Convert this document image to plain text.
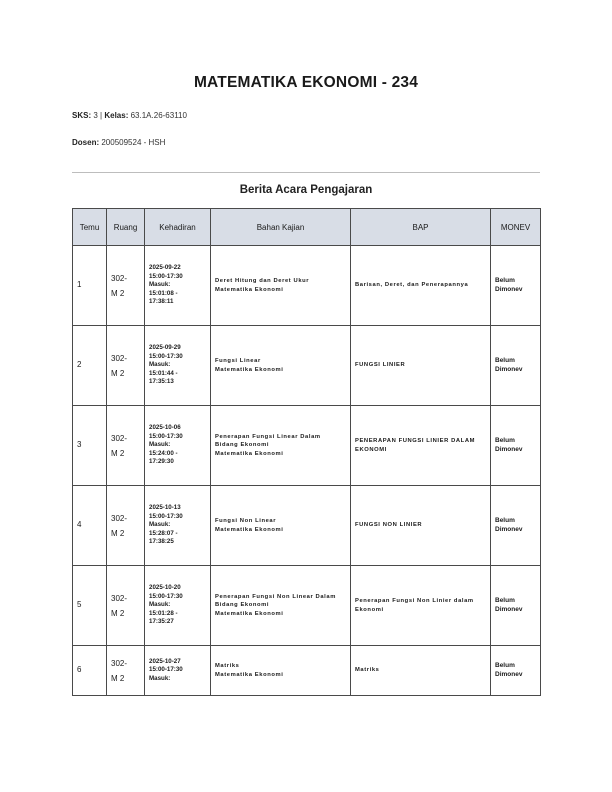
MATEMATIKA EKONOMI - 234
SKS: 3 | Kelas: 63.1A.26-63110
Dosen: 200509524 - HSH
Berita Acara Pengajaran
Temu	Ruang	Kehadiran	Bahan Kajian	BAP	MONEV
1	302-
M 2	2025-09-22
15:00-17:30
Masuk:
15:01:08 -
17:38:11	Deret Hitung dan Deret Ukur
Matematika Ekonomi	Barisan, Deret, dan Penerapannya	Belum
Dimonev

2	302-
M 2	2025-09-29
15:00-17:30
Masuk:
15:01:44 -
17:35:13	Fungsi Linear
Matematika Ekonomi	FUNGSI LINIER	Belum
Dimonev

3	302-
M 2	2025-10-06
15:00-17:30
Masuk:
15:24:00 -
17:29:30	Penerapan Fungsi Linear Dalam
Bidang Ekonomi
Matematika Ekonomi	PENERAPAN FUNGSI LINIER DALAM
EKONOMI	Belum
Dimonev

4	302-
M 2	2025-10-13
15:00-17:30
Masuk:
15:28:07 -
17:38:25	Fungsi Non Linear
Matematika Ekonomi	FUNGSI NON LINIER	Belum
Dimonev

5	302-
M 2	2025-10-20
15:00-17:30
Masuk:
15:01:28 -
17:35:27	Penerapan Fungsi Non Linear Dalam
Bidang Ekonomi
Matematika Ekonomi	Penerapan Fungsi Non Linier dalam
Ekonomi	Belum
Dimonev

6	302-
M 2	2025-10-27
15:00-17:30
Masuk:	Matriks
Matematika Ekonomi	Matriks	Belum
Dimonev
